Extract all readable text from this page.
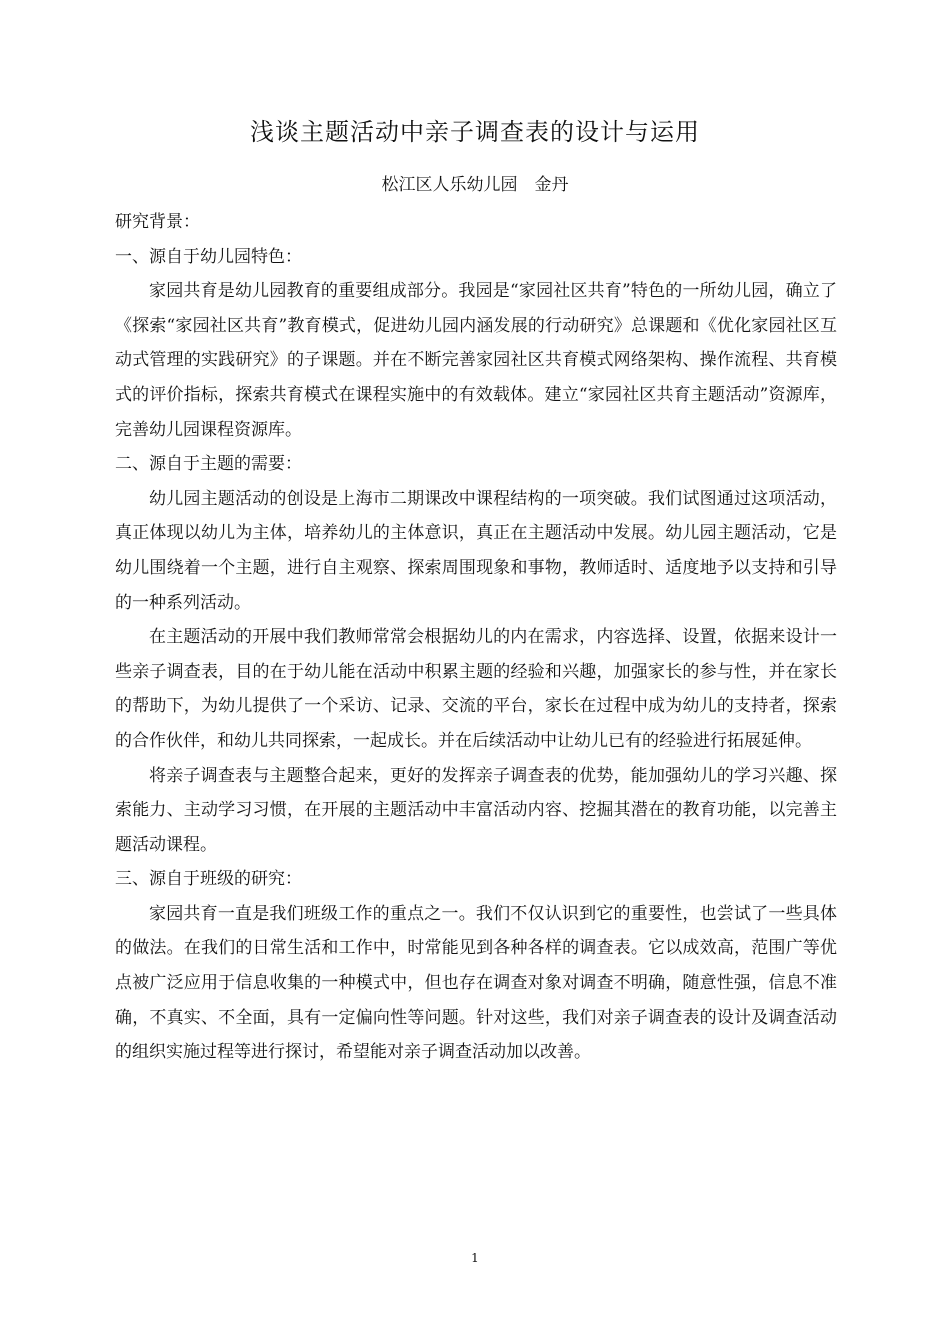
浅谈主题活动中亲子调查表的设计与运用
松江区人乐幼儿园　金丹

研究背景：

一、源自于幼儿园特色：

家园共育是幼儿园教育的重要组成部分。我园是“家园社区共育”特色的一所幼儿园，确立了《探索“家园社区共育”教育模式，促进幼儿园内涵发展的行动研究》总课题和《优化家园社区互动式管理的实践研究》的子课题。并在不断完善家园社区共育模式网络架构、操作流程、共育模式的评价指标，探索共育模式在课程实施中的有效载体。建立“家园社区共育主题活动”资源库，完善幼儿园课程资源库。

二、源自于主题的需要：

幼儿园主题活动的创设是上海市二期课改中课程结构的一项突破。我们试图通过这项活动，真正体现以幼儿为主体，培养幼儿的主体意识，真正在主题活动中发展。幼儿园主题活动，它是幼儿围绕着一个主题，进行自主观察、探索周围现象和事物，教师适时、适度地予以支持和引导的一种系列活动。

在主题活动的开展中我们教师常常会根据幼儿的内在需求，内容选择、设置，依据来设计一些亲子调查表，目的在于幼儿能在活动中积累主题的经验和兴趣，加强家长的参与性，并在家长的帮助下，为幼儿提供了一个采访、记录、交流的平台，家长在过程中成为幼儿的支持者，探索的合作伙伴，和幼儿共同探索，一起成长。并在后续活动中让幼儿已有的经验进行拓展延伸。

将亲子调查表与主题整合起来，更好的发挥亲子调查表的优势，能加强幼儿的学习兴趣、探索能力、主动学习习惯，在开展的主题活动中丰富活动内容、挖掘其潜在的教育功能，以完善主题活动课程。

三、源自于班级的研究：

家园共育一直是我们班级工作的重点之一。我们不仅认识到它的重要性，也尝试了一些具体的做法。在我们的日常生活和工作中，时常能见到各种各样的调查表。它以成效高，范围广等优点被广泛应用于信息收集的一种模式中，但也存在调查对象对调查不明确，随意性强，信息不准确，不真实、不全面，具有一定偏向性等问题。针对这些，我们对亲子调查表的设计及调查活动的组织实施过程等进行探讨，希望能对亲子调查活动加以改善。

1
